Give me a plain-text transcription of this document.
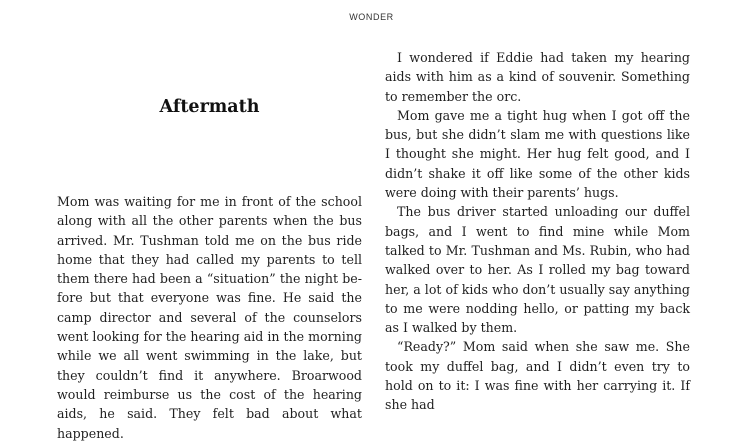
WONDER
Aftermath

Mom was waiting for me in front of the school along with all the other parents when the bus arrived. Mr. Tushman told me on the bus ride home that they had called my parents to tell them there had been a “situation” the night before but that everyone was fine. He said the camp director and several of the counselors went looking for the hearing aid in the morning while we all went swimming in the lake, but they couldn’t find it anywhere. Broarwood would reimburse us the cost of the hearing aids, he said. They felt bad about what happened.

I wondered if Eddie had taken my hearing aids with him as a kind of souvenir. Something to remember the orc.

Mom gave me a tight hug when I got off the bus, but she didn’t slam me with questions like I thought she might. Her hug felt good, and I didn’t shake it off like some of the other kids were doing with their parents’ hugs.

The bus driver started unloading our duffel bags, and I went to find mine while Mom talked to Mr. Tushman and Ms. Rubin, who had walked over to her. As I rolled my bag toward her, a lot of kids who don’t usually say anything to me were nodding hello, or patting my back as I walked by them.

“Ready?” Mom said when she saw me. She took my duffel bag, and I didn’t even try to hold on to it: I was fine with her carrying it. If she had
